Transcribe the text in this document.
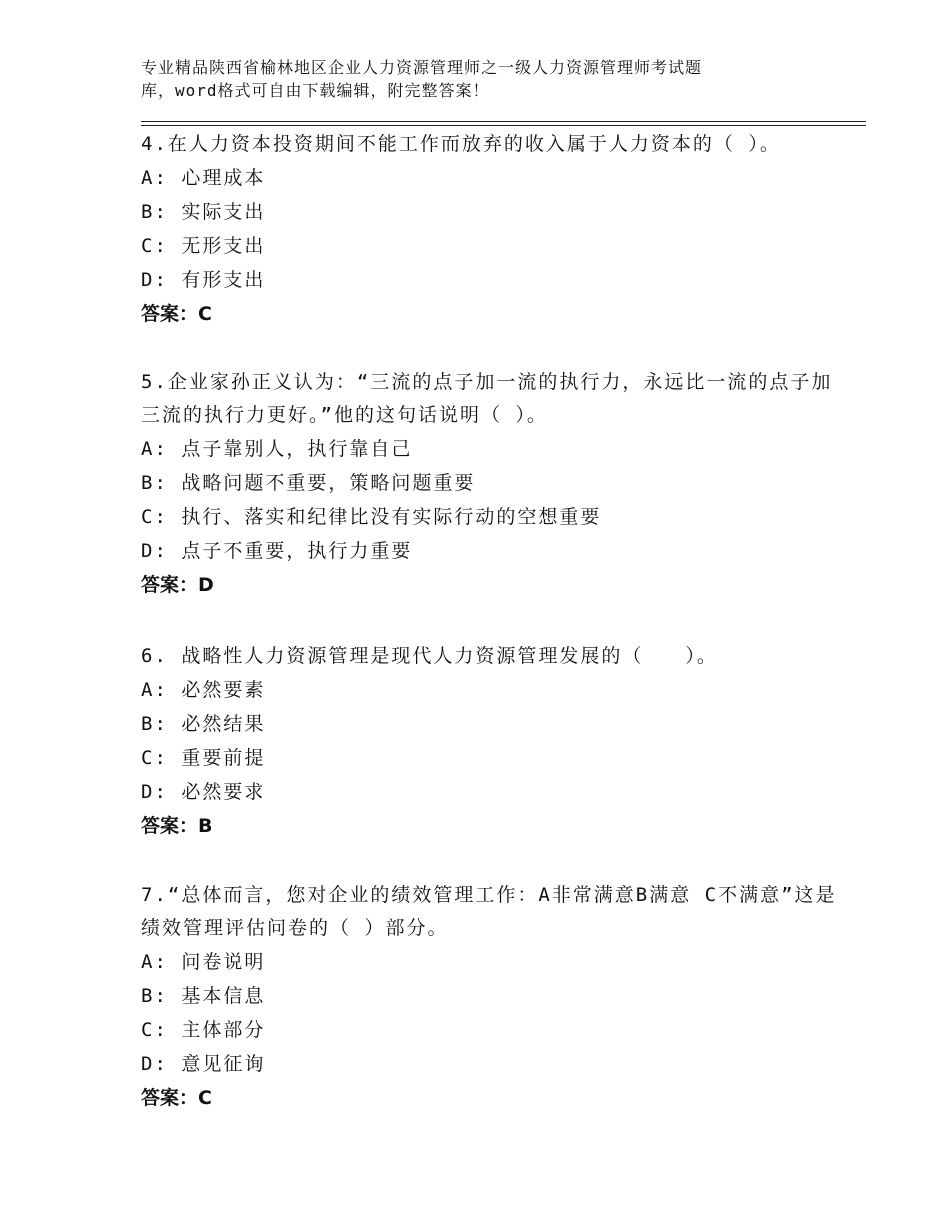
专业精品陕西省榆林地区企业人力资源管理师之一级人力资源管理师考试题
库，word格式可自由下载编辑，附完整答案！

4.在人力资本投资期间不能工作而放弃的收入属于人力资本的（ ）。

A: 心理成本

B: 实际支出

C: 无形支出

D: 有形支出

答案：C

5.企业家孙正义认为：“三流的点子加一流的执行力，永远比一流的点子加三流的执行力更好。”他的这句话说明（ ）。

A: 点子靠别人，执行靠自己

B: 战略问题不重要，策略问题重要

C: 执行、落实和纪律比没有实际行动的空想重要

D: 点子不重要，执行力重要

答案：D

6. 战略性人力资源管理是现代人力资源管理发展的（　　）。

A: 必然要素

B: 必然结果

C: 重要前提

D: 必然要求

答案：B

7.“总体而言，您对企业的绩效管理工作：A非常满意B满意 C不满意”这是绩效管理评估问卷的（ ）部分。

A: 问卷说明

B: 基本信息

C: 主体部分

D: 意见征询

答案：C
